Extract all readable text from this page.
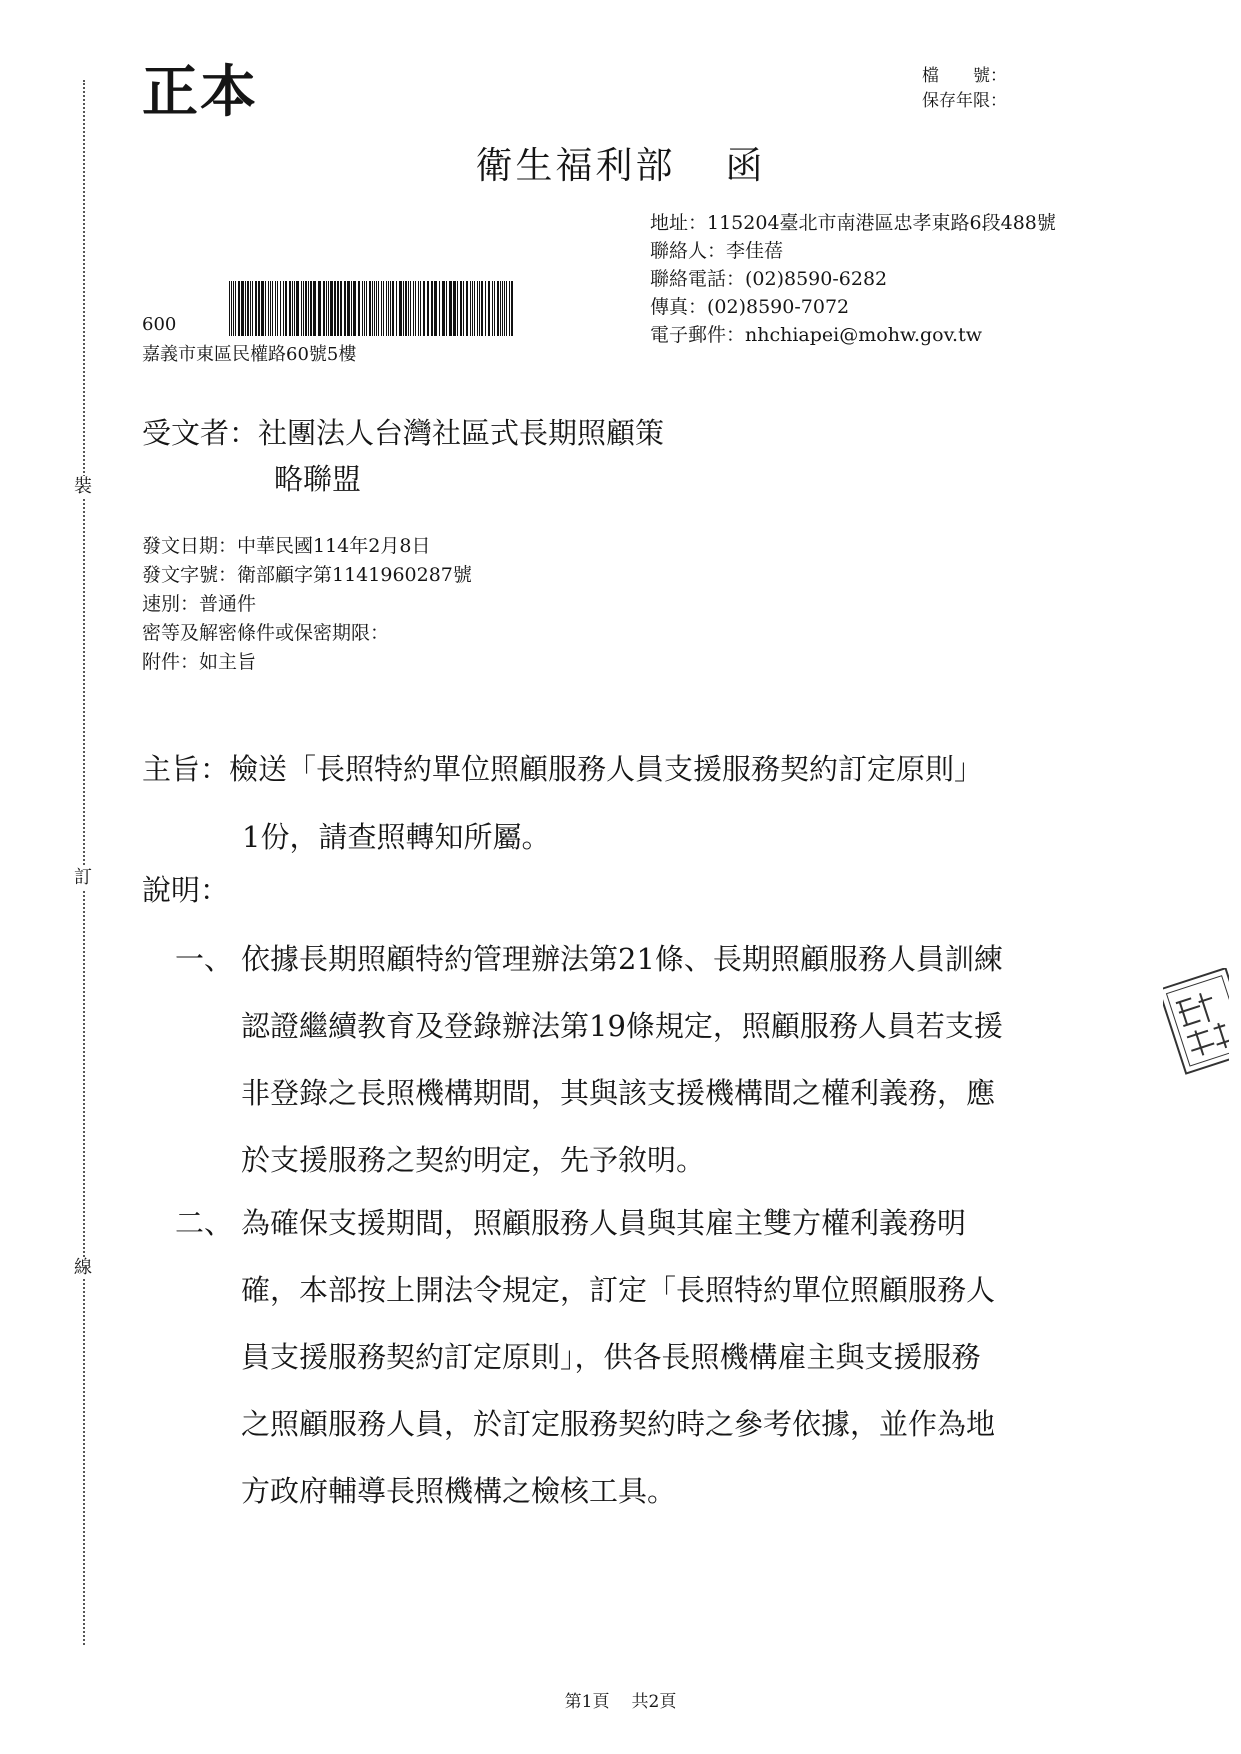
裝
訂
線
正本	檔　　號：
保存年限：
衛生福利部 函
地址：115204臺北市南港區忠孝東路6段488號
聯絡人：李佳蓓
聯絡電話：(02)8590-6282
傳真：(02)8590-7072
電子郵件：nhchiapei@mohw.gov.tw
600
嘉義市東區民權路60號5樓
受文者：社團法人台灣社區式長期照顧策
略聯盟
發文日期：中華民國114年2月8日
發文字號：衛部顧字第1141960287號
速別：普通件
密等及解密條件或保密期限：
附件：如主旨
主旨：檢送「長照特約單位照顧服務人員支援服務契約訂定原則」
1份，請查照轉知所屬。
說明：
一、 依據長期照顧特約管理辦法第21條、長期照顧服務人員訓練
認證繼續教育及登錄辦法第19條規定，照顧服務人員若支援
非登錄之長照機構期間，其與該支援機構間之權利義務，應
於支援服務之契約明定，先予敘明。
二、 為確保支援期間，照顧服務人員與其雇主雙方權利義務明
確，本部按上開法令規定，訂定「長照特約單位照顧服務人
員支援服務契約訂定原則」，供各長照機構雇主與支援服務
之照顧服務人員，於訂定服務契約時之參考依據，並作為地
方政府輔導長照機構之檢核工具。
第1頁 共2頁
